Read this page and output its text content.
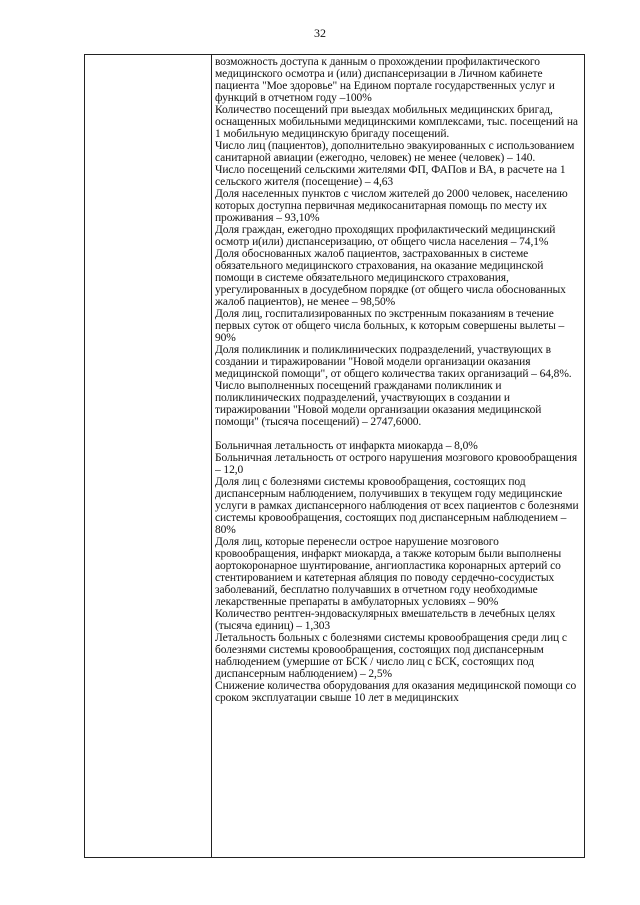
32

возможность доступа к данным о прохождении профилактического медицинского осмотра и (или) диспансеризации в Личном кабинете пациента "Мое здоровье" на Едином портале государственных услуг и функций в отчетном году –100%

Количество посещений при выездах мобильных медицинских бригад, оснащенных мобильными медицинскими комплексами, тыс. посещений на 1 мобильную медицинскую бригаду посещений.

Число лиц (пациентов), дополнительно эвакуированных с использованием санитарной авиации (ежегодно, человек) не менее (человек) – 140.

Число посещений сельскими жителями ФП, ФАПов и ВА, в расчете на 1 сельского жителя (посещение) – 4,63

Доля населенных пунктов с числом жителей до 2000 человек, населению которых доступна первичная медикосанитарная помощь по месту их проживания – 93,10%

Доля граждан, ежегодно проходящих профилактический медицинский осмотр и(или) диспансеризацию, от общего числа населения – 74,1%

Доля обоснованных жалоб пациентов, застрахованных в системе обязательного медицинского страхования, на оказание медицинской помощи в системе обязательного медицинского страхования, урегулированных в досудебном порядке (от общего числа обоснованных жалоб пациентов), не менее – 98,50%

Доля лиц, госпитализированных по экстренным показаниям в течение первых суток от общего числа больных, к которым совершены вылеты – 90%

Доля поликлиник и поликлинических подразделений, участвующих в создании и тиражировании "Новой модели организации оказания медицинской помощи", от общего количества таких организаций – 64,8%.

Число выполненных посещений гражданами поликлиник и поликлинических подразделений, участвующих в создании и тиражировании "Новой модели организации оказания медицинской помощи" (тысяча посещений) – 2747,6000.

Больничная летальность от инфаркта миокарда – 8,0%

Больничная летальность от острого нарушения мозгового кровообращения – 12,0

Доля лиц с болезнями системы кровообращения, состоящих под диспансерным наблюдением, получивших в текущем году медицинские услуги в рамках диспансерного наблюдения от всех пациентов с болезнями системы кровообращения, состоящих под диспансерным наблюдением – 80%

Доля лиц, которые перенесли острое нарушение мозгового кровообращения, инфаркт миокарда, а также которым были выполнены аортокоронарное шунтирование, ангиопластика коронарных артерий со стентированием и катетерная абляция по поводу сердечно-сосудистых заболеваний, бесплатно получавших в отчетном году необходимые лекарственные препараты в амбулаторных условиях – 90%

Количество рентген-эндоваскулярных вмешательств в лечебных целях (тысяча единиц) – 1,303

Летальность больных с болезнями системы кровообращения среди лиц с болезнями системы кровообращения, состоящих под диспансерным наблюдением (умершие от БСК / число лиц с БСК, состоящих под диспансерным наблюдением) – 2,5%

Снижение количества оборудования для оказания медицинской помощи со сроком эксплуатации свыше 10 лет в медицинских
